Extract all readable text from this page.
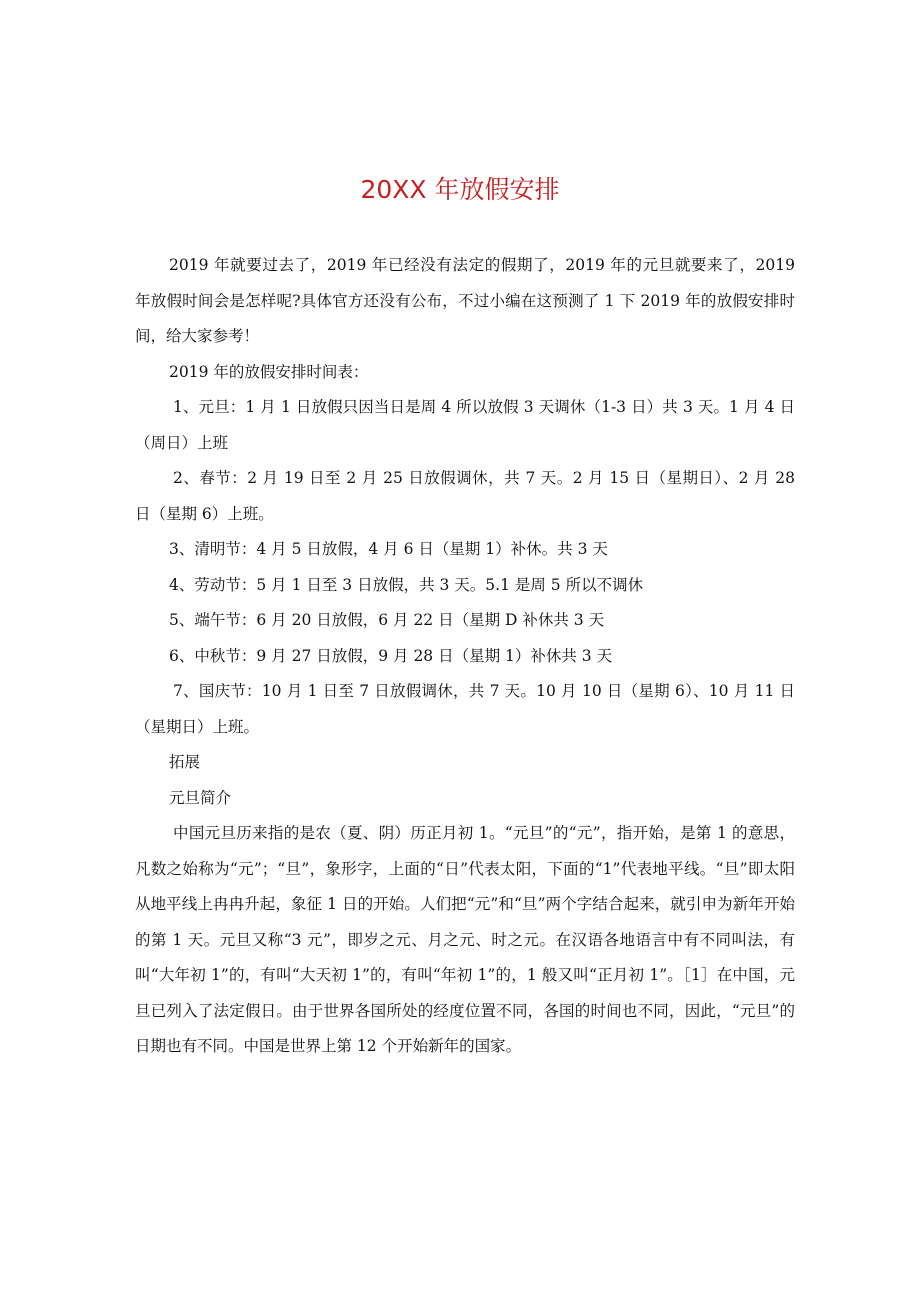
20XX 年放假安排

2019 年就要过去了，2019 年已经没有法定的假期了，2019 年的元旦就要来了，2019 年放假时间会是怎样呢?具体官方还没有公布，不过小编在这预测了 1 下 2019 年的放假安排时间，给大家参考！

2019 年的放假安排时间表：

1、元旦：1 月 1 日放假只因当日是周 4 所以放假 3 天调休（1-3 日）共 3 天。1 月 4 日（周日）上班

2、春节：2 月 19 日至 2 月 25 日放假调休，共 7 天。2 月 15 日（星期日）、2 月 28 日（星期 6）上班。

3、清明节：4 月 5 日放假，4 月 6 日（星期 1）补休。共 3 天

4、劳动节：5 月 1 日至 3 日放假，共 3 天。5.1 是周 5 所以不调休

5、端午节：6 月 20 日放假，6 月 22 日（星期 D 补休共 3 天

6、中秋节：9 月 27 日放假，9 月 28 日（星期 1）补休共 3 天

7、国庆节：10 月 1 日至 7 日放假调休，共 7 天。10 月 10 日（星期 6）、10 月 11 日（星期日）上班。

拓展

元旦简介

中国元旦历来指的是农（夏、阴）历正月初 1。“元旦”的“元”，指开始，是第 1 的意思，凡数之始称为“元”；“旦”，象形字，上面的“日”代表太阳，下面的“1”代表地平线。“旦”即太阳从地平线上冉冉升起，象征 1 日的开始。人们把“元”和“旦”两个字结合起来，就引申为新年开始的第 1 天。元旦又称“3 元”，即岁之元、月之元、时之元。在汉语各地语言中有不同叫法，有叫“大年初 1”的，有叫“大天初 1”的，有叫“年初 1”的，1 般又叫“正月初 1”。［1］在中国，元旦已列入了法定假日。由于世界各国所处的经度位置不同，各国的时间也不同，因此，“元旦”的日期也有不同。中国是世界上第 12 个开始新年的国家。
